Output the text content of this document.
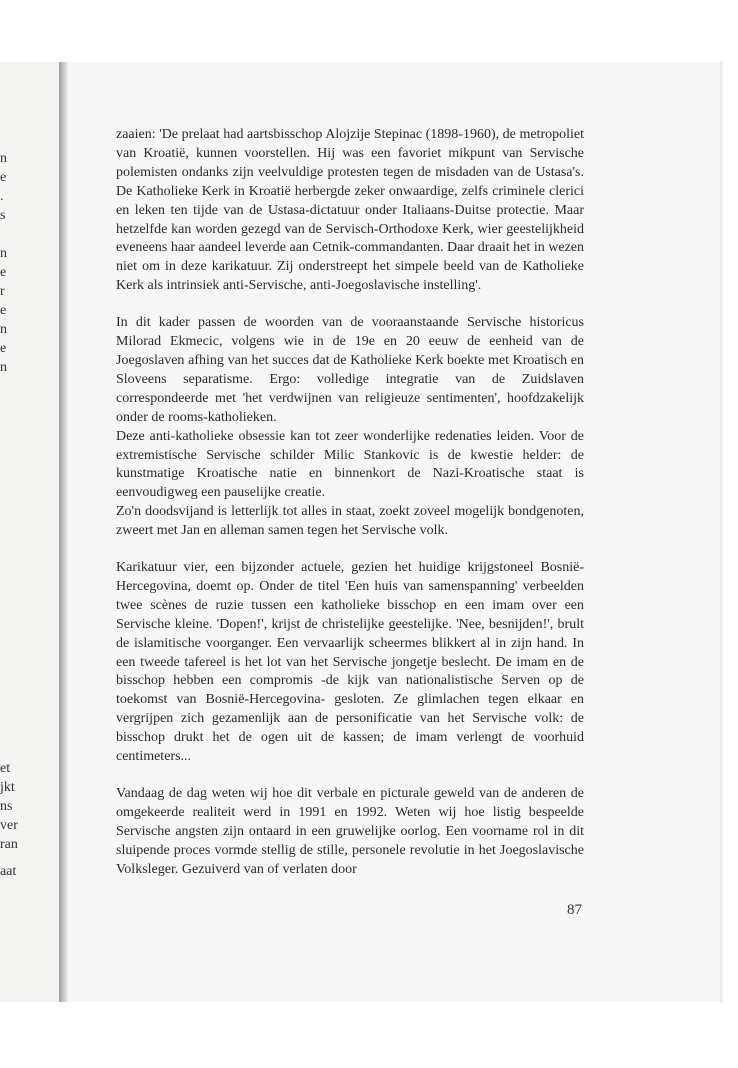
n
e
.
s
n
e
r
e
n
e
n
et
jkt
ns
ver
ran
aat

zaaien: 'De prelaat had aartsbisschop Alojzije Stepinac (1898-1960), de metropoliet van Kroatië, kunnen voorstellen. Hij was een favoriet mikpunt van Servische polemisten ondanks zijn veelvuldige protesten tegen de misdaden van de Ustasa's. De Katholieke Kerk in Kroatië herbergde zeker onwaardige, zelfs criminele clerici en leken ten tijde van de Ustasa-dictatuur onder Italiaans-Duitse protectie. Maar hetzelfde kan worden gezegd van de Servisch-Orthodoxe Kerk, wier geestelijkheid eveneens haar aandeel leverde aan Cetnik-commandanten. Daar draait het in wezen niet om in deze karikatuur. Zij onderstreept het simpele beeld van de Katholieke Kerk als intrinsiek anti-Servische, anti-Joegoslavische instelling'.

In dit kader passen de woorden van de vooraanstaande Servische historicus Milorad Ekmecic, volgens wie in de 19e en 20 eeuw de eenheid van de Joegoslaven afhing van het succes dat de Katholieke Kerk boekte met Kroatisch en Sloveens separatisme. Ergo: volledige integratie van de Zuidslaven correspondeerde met 'het verdwijnen van religieuze sentimenten', hoofdzakelijk onder de rooms-katholieken.

Deze anti-katholieke obsessie kan tot zeer wonderlijke redenaties leiden. Voor de extremistische Servische schilder Milic Stankovic is de kwestie helder: de kunstmatige Kroatische natie en binnenkort de Nazi-Kroatische staat is eenvoudigweg een pauselijke creatie.

Zo'n doodsvijand is letterlijk tot alles in staat, zoekt zoveel mogelijk bondgenoten, zweert met Jan en alleman samen tegen het Servische volk.

Karikatuur vier, een bijzonder actuele, gezien het huidige krijgstoneel Bosnië-Hercegovina, doemt op. Onder de titel 'Een huis van samenspanning' verbeelden twee scènes de ruzie tussen een katholieke bisschop en een imam over een Servische kleine. 'Dopen!', krijst de christelijke geestelijke. 'Nee, besnijden!', brult de islamitische voorganger. Een vervaarlijk scheermes blikkert al in zijn hand. In een tweede tafereel is het lot van het Servische jongetje beslecht. De imam en de bisschop hebben een compromis -de kijk van nationalistische Serven op de toekomst van Bosnië-Hercegovina- gesloten. Ze glimlachen tegen elkaar en vergrijpen zich gezamenlijk aan de personificatie van het Servische volk: de bisschop drukt het de ogen uit de kassen; de imam verlengt de voorhuid centimeters...

Vandaag de dag weten wij hoe dit verbale en picturale geweld van de anderen de omgekeerde realiteit werd in 1991 en 1992. Weten wij hoe listig bespeelde Servische angsten zijn ontaard in een gruwelijke oorlog. Een voorname rol in dit sluipende proces vormde stellig de stille, personele revolutie in het Joegoslavische Volksleger. Gezuiverd van of verlaten door

87
